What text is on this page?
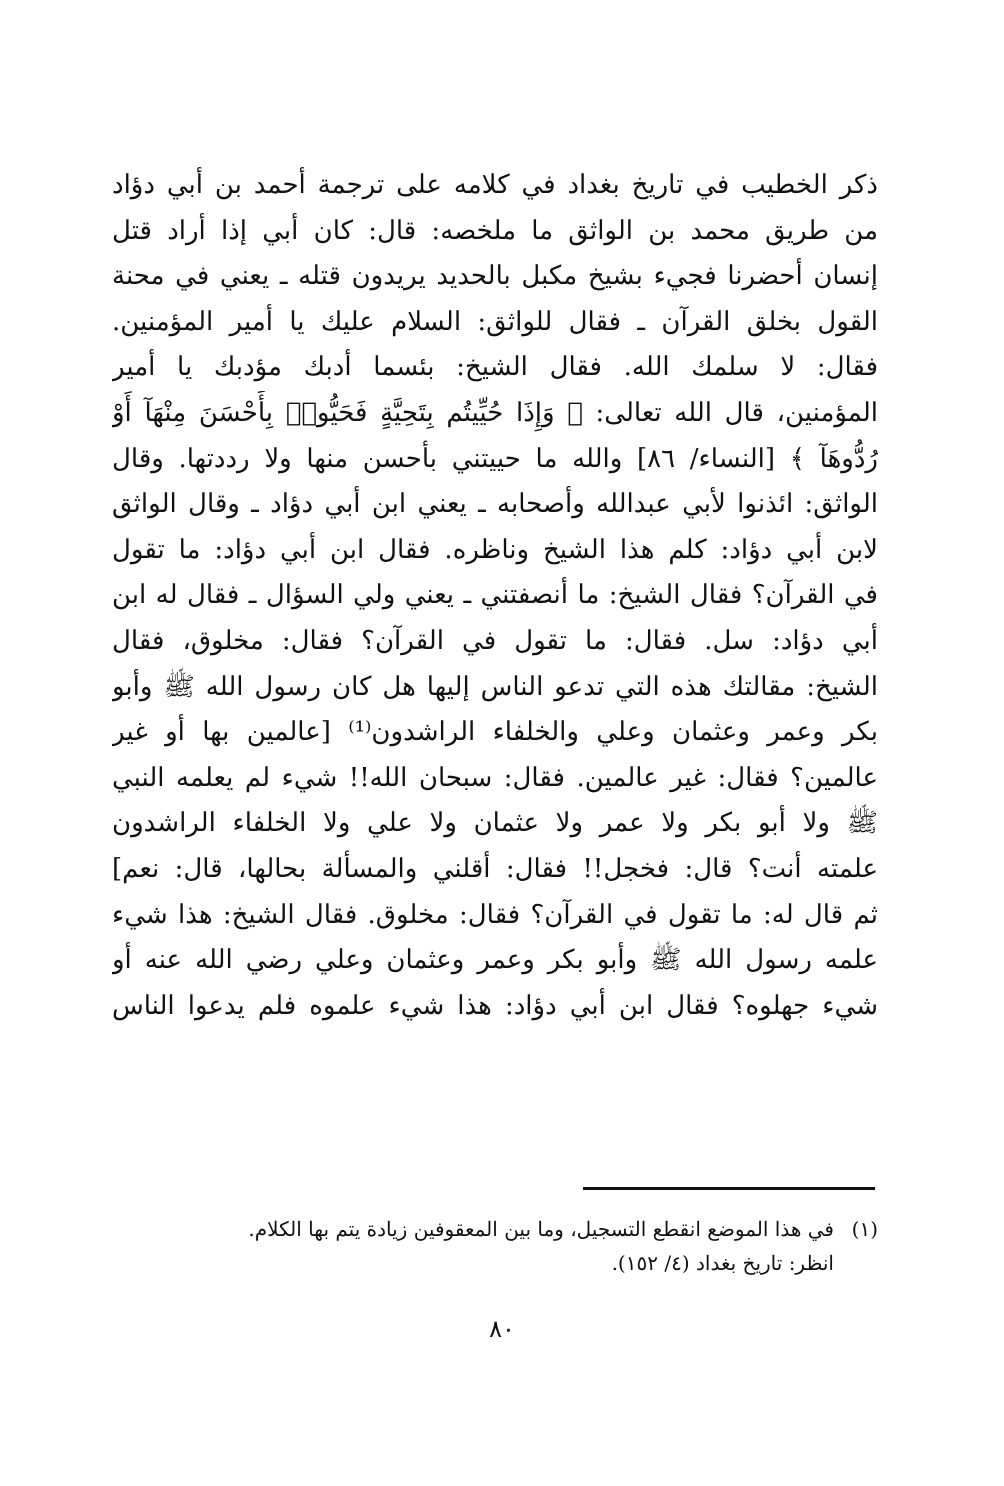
ذكر الخطيب في تاريخ بغداد في كلامه على ترجمة أحمد بن أبي دؤاد
من طريق محمد بن الواثق ما ملخصه: قال: كان أبي إذا أراد قتل
إنسان أحضرنا فجيء بشيخ مكبل بالحديد يريدون قتله ـ يعني في محنة
القول بخلق القرآن ـ فقال للواثق: السلام عليك يا أمير المؤمنين.
فقال: لا سلمك الله. فقال الشيخ: بئسما أدبك مؤدبك يا أمير
المؤمنين، قال الله تعالى: ﴿ وَإِذَا حُيِّيتُم بِتَحِيَّةٍ فَحَيُّوا۟ بِأَحْسَنَ مِنْهَآ أَوْ
رُدُّوهَآ ﴾ [النساء/ ٨٦] والله ما حييتني بأحسن منها ولا رددتها. وقال
الواثق: ائذنوا لأبي عبدالله وأصحابه ـ يعني ابن أبي دؤاد ـ وقال الواثق
لابن أبي دؤاد: كلم هذا الشيخ وناظره. فقال ابن أبي دؤاد: ما تقول
في القرآن؟ فقال الشيخ: ما أنصفتني ـ يعني ولي السؤال ـ فقال له ابن
أبي دؤاد: سل. فقال: ما تقول في القرآن؟ فقال: مخلوق، فقال
الشيخ: مقالتك هذه التي تدعو الناس إليها هل كان رسول الله ﷺ وأبو
بكر وعمر وعثمان وعلي والخلفاء الراشدون⁽¹⁾ [عالمين بها أو غير
عالمين؟ فقال: غير عالمين. فقال: سبحان الله!! شيء لم يعلمه النبي
ﷺ ولا أبو بكر ولا عمر ولا عثمان ولا علي ولا الخلفاء الراشدون
علمته أنت؟ قال: فخجل!! فقال: أقلني والمسألة بحالها، قال: نعم]
ثم قال له: ما تقول في القرآن؟ فقال: مخلوق. فقال الشيخ: هذا شيء
علمه رسول الله ﷺ وأبو بكر وعمر وعثمان وعلي رضي الله عنه أو
شيء جهلوه؟ فقال ابن أبي دؤاد: هذا شيء علموه فلم يدعوا الناس
(١)في هذا الموضع انقطع التسجيل، وما بين المعقوفين زيادة يتم بها الكلام.
انظر: تاريخ بغداد (٤/ ١٥٢).
٨٠
